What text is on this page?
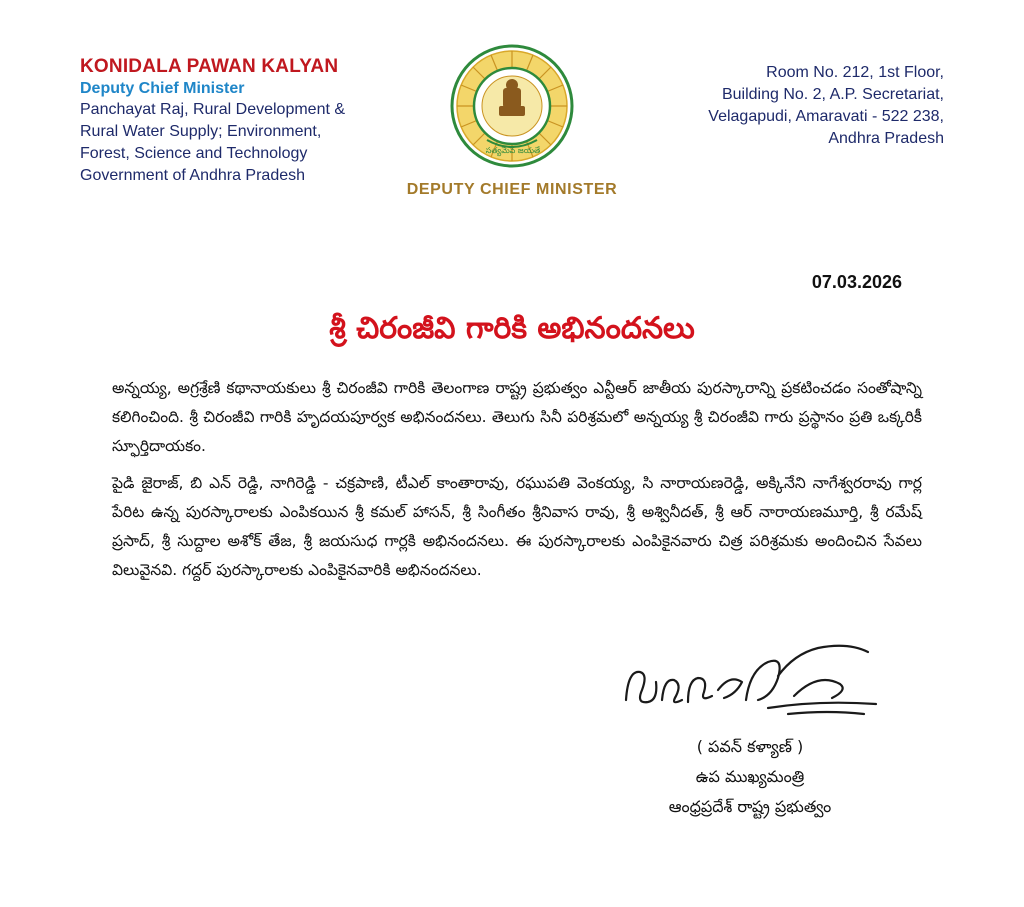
KONIDALA PAWAN KALYAN
Deputy Chief Minister
Panchayat Raj, Rural Development &
Rural Water Supply; Environment,
Forest, Science and Technology
Government of Andhra Pradesh
సత్యమేవ జయతే
DEPUTY CHIEF MINISTER
Room No. 212, 1st Floor,
Building No. 2, A.P. Secretariat,
Velagapudi, Amaravati - 522 238,
Andhra Pradesh
07.03.2026
శ్రీ చిరంజీవి గారికి అభినందనలు

అన్నయ్య, అగ్రశ్రేణి కథానాయకులు శ్రీ చిరంజీవి గారికి తెలంగాణ రాష్ట్ర ప్రభుత్వం ఎన్టీఆర్ జాతీయ పురస్కారాన్ని ప్రకటించడం సంతోషాన్ని కలిగించింది. శ్రీ చిరంజీవి గారికి హృదయపూర్వక అభినందనలు. తెలుగు సినీ పరిశ్రమలో అన్నయ్య శ్రీ చిరంజీవి గారు ప్రస్థానం ప్రతి ఒక్కరికీ స్ఫూర్తిదాయకం.

పైడి జైరాజ్, బి ఎన్ రెడ్డి, నాగిరెడ్డి - చక్రపాణి, టీఎల్ కాంతారావు, రఘుపతి వెంకయ్య, సి నారాయణరెడ్డి, అక్కినేని నాగేశ్వరరావు గార్ల పేరిట ఉన్న పురస్కారాలకు ఎంపికయిన శ్రీ కమల్ హాసన్, శ్రీ సింగీతం శ్రీనివాస రావు, శ్రీ అశ్వినీదత్, శ్రీ ఆర్ నారాయణమూర్తి, శ్రీ రమేష్ ప్రసాద్, శ్రీ సుద్దాల అశోక్ తేజ, శ్రీ జయసుధ గార్లకి అభినందనలు. ఈ పురస్కారాలకు ఎంపికైనవారు చిత్ర పరిశ్రమకు అందించిన సేవలు విలువైనవి. గద్దర్ పురస్కారాలకు ఎంపికైనవారికి అభినందనలు.

( పవన్ కళ్యాణ్ )
ఉప ముఖ్యమంత్రి
ఆంధ్రప్రదేశ్ రాష్ట్ర ప్రభుత్వం
